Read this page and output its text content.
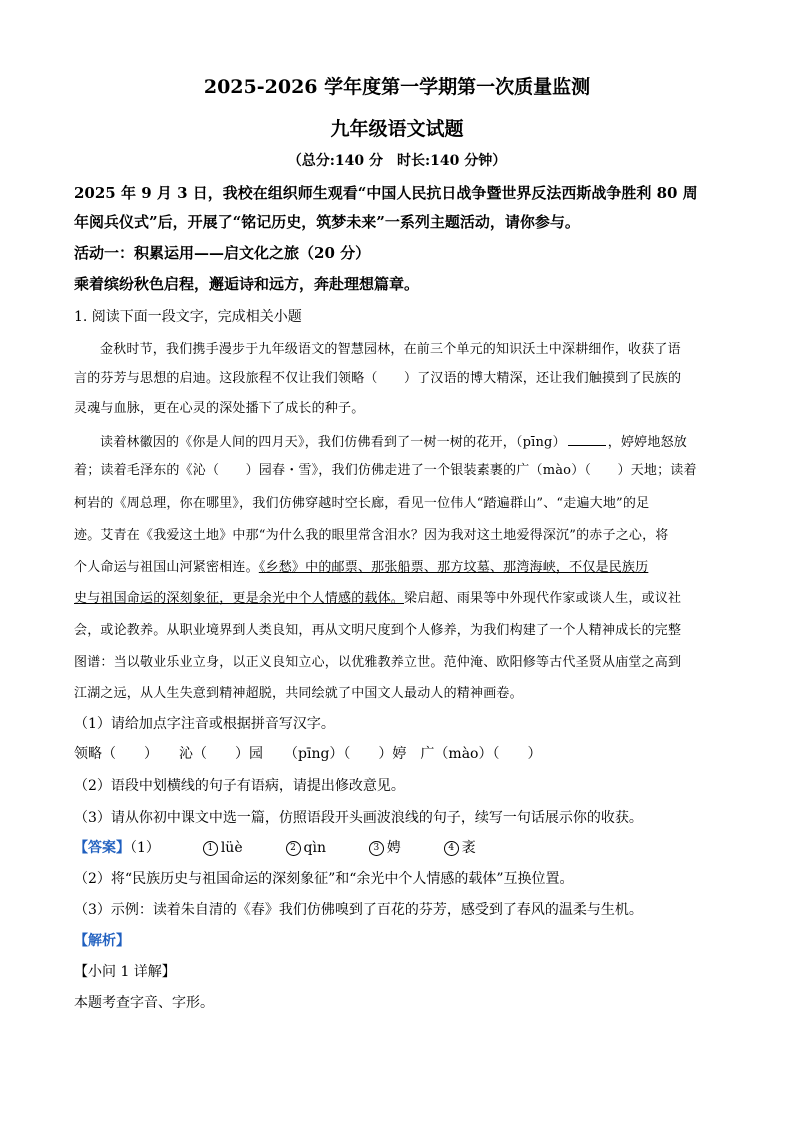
2025-2026 学年度第一学期第一次质量监测
九年级语文试题
（总分:140 分　时长:140 分钟）
2025 年 9 月 3 日，我校在组织师生观看“中国人民抗日战争暨世界反法西斯战争胜利 80 周
年阅兵仪式”后，开展了“铭记历史，筑梦未来”一系列主题活动，请你参与。
活动一：积累运用——启文化之旅（20 分）
乘着缤纷秋色启程，邂逅诗和远方，奔赴理想篇章。
1. 阅读下面一段文字，完成相关小题
金秋时节，我们携手漫步于九年级语文的智慧园林，在前三个单元的知识沃土中深耕细作，收获了语
言的芬芳与思想的启迪。这段旅程不仅让我们领略（　　）了汉语的博大精深，还让我们触摸到了民族的
灵魂与血脉，更在心灵的深处播下了成长的种子。
读着林徽因的《你是人间的四月天》，我们仿佛看到了一树一树的花开，（pīng）	，婷婷地怒放
着；读着毛泽东的《沁（　　）园春・雪》，我们仿佛走进了一个银装素裹的广（mào）（　　）天地；读着
柯岩的《周总理，你在哪里》，我们仿佛穿越时空长廊，看见一位伟人“踏遍群山”、“走遍大地”的足
迹。艾青在《我爱这土地》中那“为什么我的眼里常含泪水？因为我对这土地爱得深沉”的赤子之心，将
个人命运与祖国山河紧密相连。《乡愁》中的邮票、那张船票、那方坟墓、那湾海峡，不仅是民族历
史与祖国命运的深刻象征，更是余光中个人情感的载体。梁启超、雨果等中外现代作家或谈人生，或议社
会，或论教养。从职业境界到人类良知，再从文明尺度到个人修养，为我们构建了一个人精神成长的完整
图谱：当以敬业乐业立身，以正义良知立心，以优雅教养立世。范仲淹、欧阳修等古代圣贤从庙堂之高到
江湖之远，从人生失意到精神超脱，共同绘就了中国文人最动人的精神画卷。
（1）请给加点字注音或根据拼音写汉字。
领略（　　）　　沁（　　）园　　（pīng）（　　）婷　广（mào）（　　）
（2）语段中划横线的句子有语病，请提出修改意见。
（3）请从你初中课文中选一篇，仿照语段开头画波浪线的句子，续写一句话展示你的收获。
【答案】（1）	1 lüè	2 qìn	3 娉	4 袤
（2）将“民族历史与祖国命运的深刻象征”和“余光中个人情感的载体”互换位置。
（3）示例：读着朱自清的《春》我们仿佛嗅到了百花的芬芳，感受到了春风的温柔与生机。
【解析】
【小问 1 详解】
本题考查字音、字形。
